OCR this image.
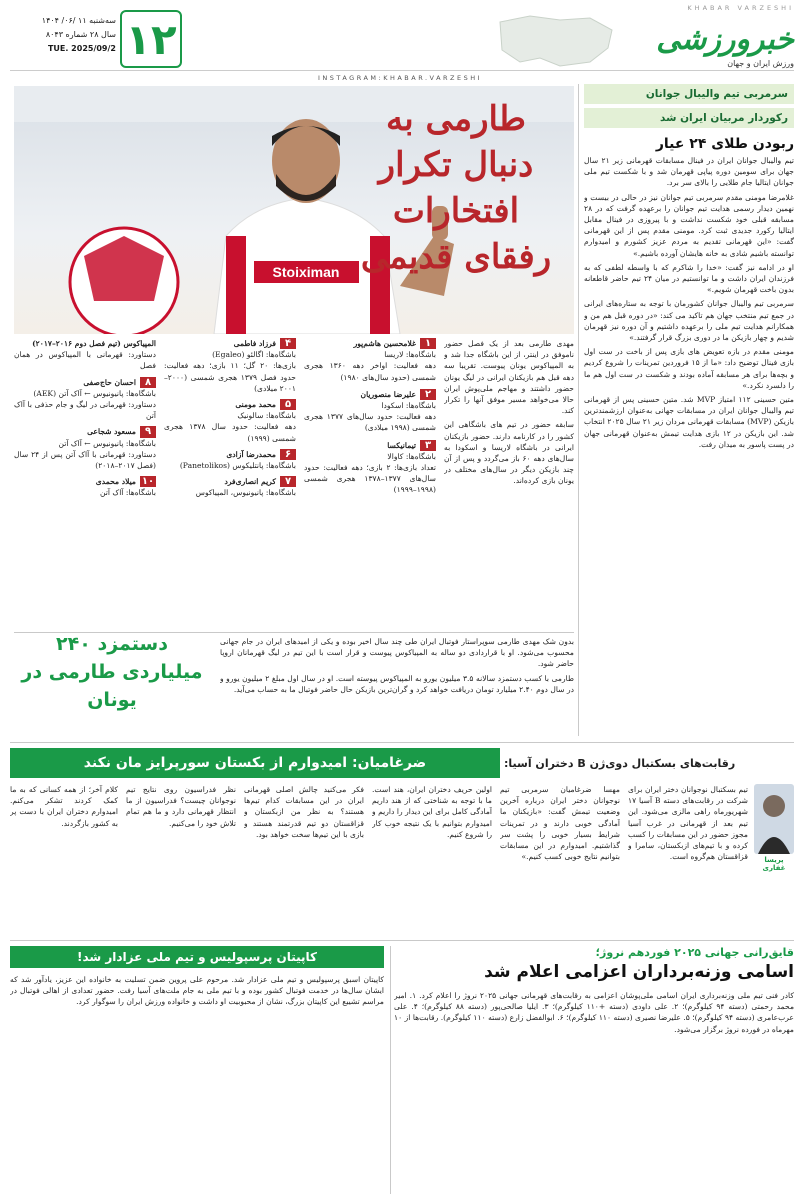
KHABAR VARZESHI
خبرورزشی
ورزش ایران و جهان
۱۲
سه‌شنبه ۱۱ /۰۶/ ۱۴۰۴
سال ۲۸ شماره ۸۰۴۳
TUE. 2025/09/2
INSTAGRAM:KHABAR.VARZESHI
سرمربی تیم والیبال جوانان
رکوردار مربیان ایران شد
ربودن طلای ۲۴ عیار

تیم والیبال جوانان ایران در فینال مسابقات قهرمانی زیر ۲۱ سال جهان برای سومین دوره پیاپی قهرمان شد و با شکست تیم ملی جوانان ایتالیا جام طلایی را بالای سر برد.

غلامرضا مومنی مقدم سرمربی تیم جوانان نیز در حالی در بیست و نهمین دیدار رسمی هدایت تیم جوانان را برعهده گرفت که در ۲۸ مسابقه قبلی خود شکست نداشت و با پیروزی در فینال مقابل ایتالیا رکورد جدیدی ثبت کرد. مومنی مقدم پس از این قهرمانی گفت: «این قهرمانی تقدیم به مردم عزیز کشورم و امیدوارم توانسته باشیم شادی به خانه هایشان آورده باشیم.»

او در ادامه نیز گفت: «خدا را شاکرم که با واسطه لطفی که به فرزندان ایران داشت و ما توانستیم در میان ۲۴ تیم حاضر قاطعانه بدون باخت قهرمان شویم.»

سرمربی تیم والیبال جوانان کشورمان با توجه به ستاره‌های ایرانی در جمع تیم منتخب جهان هم تاکید می کند: «در دوره قبل هم من و همکارانم هدایت تیم ملی را برعهده داشتیم و آن دوره نیز قهرمان شدیم و چهار بازیکن ما در دوری بزرگ قرار گرفتند.»

مومنی مقدم در بازه تعویض های بازی پس از باخت در ست اول بازی فینال توضیح داد: «ما از ۱۵ فروردین تمرینات را شروع کردیم و بچه‌ها برای هر مسابقه آماده بودند و شکست در ست اول هم ما را دلسرد نکرد.»

متین حسینی ۱۱۲ امتیاز MVP شد. متین حسینی پس از قهرمانی تیم والیبال جوانان ایران در مسابقات جهانی به‌عنوان ارزشمندترین بازیکن (MVP) مسابقات قهرمانی مردان زیر ۲۱ سال ۲۰۲۵ انتخاب شد. این بازیکن در ۱۲ بازی هدایت تیمش به‌عنوان قهرمانی جهان در پست پاسور به میدان رفت.

Stoiximan
طارمی به دنبال تکرار افتخارات رفقای قدیمی

مهدی طارمی بعد از یک فصل حضور ناموفق در اینتر، از این باشگاه جدا شد و به المپیاکوس یونان پیوست. تقریبا سه دهه قبل هم بازیکنان ایرانی در لیگ یونان حضور داشتند و مهاجم ملی‌پوش ایران حالا می‌خواهد مسیر موفق آنها را تکرار کند.

سابقه حضور در تیم های باشگاهی این کشور را در کارنامه دارند. حضور بازیکنان ایرانی در باشگاه لاریسا و اسکودا به سال‌های دهه ۶۰ باز می‌گردد و پس از آن چند بازیکن دیگر در سال‌های مختلف در یونان بازی کرده‌اند.

۱
غلامحسین هاشم‌پور
باشگاه‌ها: لاریسا
دهه فعالیت: اواخر دهه ۱۳۶۰ هجری شمسی (حدود سال‌های ۱۹۸۰)
۲
علیرضا منصوریان
باشگاه‌ها: اسکودا
دهه فعالیت: حدود سال‌های ۱۳۷۷ هجری شمسی (۱۹۹۸ میلادی)
۳
تیمانیکسا
باشگاه‌ها: کاوالا
تعداد بازی‌ها: ۲ بازی؛ دهه فعالیت: حدود سال‌های ۱۳۷۷–۱۳۷۸ هجری شمسی (۱۹۹۸–۱۹۹۹)
۴
فرزاد فاطمی
باشگاه‌ها: اگالئو (Egaleo)
بازی‌ها: ۲۰ گل؛ ۱۱ بازی؛ دهه فعالیت: حدود فصل ۱۳۷۹ هجری شمسی (۲۰۰۰–۲۰۰۱ میلادی)
۵
محمد مومنی
باشگاه‌ها: سالونیک
دهه فعالیت: حدود سال ۱۳۷۸ هجری شمسی (۱۹۹۹)
۶
محمدرضا آزادی
باشگاه‌ها: پانتلیکوس (Panetolikos)
۷
کریم انصاری‌فرد
باشگاه‌ها: پانیونیوس، المپیاکوس
المپیاکوس (تیم فصل دوم ۲۰۱۶–۲۰۱۷)
دستاورد: قهرمانی با المپیاکوس در همان فصل
۸
احسان حاج‌صفی
باشگاه‌ها: پانیونیوس ← آاک آتن (AEK)
دستاورد: قهرمانی در لیگ و جام حذفی با آاک آتن
۹
مسعود شجاعی
باشگاه‌ها: پانیونیوس ← آاک آتن
دستاورد: قهرمانی با آاک آتن پس از ۲۴ سال (فصل ۲۰۱۷–۲۰۱۸)
۱۰
میلاد محمدی
باشگاه‌ها: آاک آتن

بدون شک مهدی طارمی سوپراستار فوتبال ایران طی چند سال اخیر بوده و یکی از امیدهای ایران در جام جهانی محسوب می‌شود. او با قراردادی دو ساله به المپیاکوس پیوست و قرار است با این تیم در لیگ قهرمانان اروپا حاضر شود.

طارمی با کسب دستمزد سالانه ۳.۵ میلیون یورو به المپیاکوس پیوسته است. او در سال اول مبلغ ۲ میلیون یورو و در سال دوم ۲.۴۰ میلیارد تومان دریافت خواهد کرد و گران‌ترین بازیکن حال حاضر فوتبال ما به حساب می‌آید.

دستمزد ۲۴۰ میلیاردی طارمی در یونان
ضرغامیان: امیدوارم از بکستان سورپرایز مان نکند	رقابت‌های بسکتبال دوی‌ژن B دختران آسیا:
پریسا غفاری

تیم بسکتبال نوجوانان دختر ایران برای شرکت در رقابت‌های دسته B آسیا ۱۷ شهریورماه راهی مالزی می‌شود. این تیم بعد از قهرمانی در غرب آسیا مجوز حضور در این مسابقات را کسب کرده و با تیم‌های ازبکستان، سامرا و قزاقستان هم‌گروه است.

مهسا ضرغامیان سرمربی تیم نوجوانان دختر ایران درباره آخرین وضعیت تیمش گفت: «بازیکنان ما آمادگی خوبی دارند و در تمرینات شرایط بسیار خوبی را پشت سر گذاشتیم. امیدوارم در این مسابقات بتوانیم نتایج خوبی کسب کنیم.»

اولین حریف دختران ایران، هند است. ما با توجه به شناختی که از هند داریم آمادگی کامل برای این دیدار را داریم و امیدوارم بتوانیم با یک نتیجه خوب کار را شروع کنیم.

فکر می‌کنید چالش اصلی قهرمانی ایران در این مسابقات کدام تیم‌ها هستند؟ به نظر من ازبکستان و قزاقستان دو تیم قدرتمند هستند و بازی با این تیم‌ها سخت خواهد بود.

نظر فدراسیون روی نتایج تیم نوجوانان چیست؟ فدراسیون از ما انتظار قهرمانی دارد و ما هم تمام تلاش خود را می‌کنیم.

کلام آخر؛ از همه کسانی که به ما کمک کردند تشکر می‌کنم. امیدوارم دختران ایران با دست پر به کشور بازگردند.

کاپیتان پرسپولیس و تیم ملی عزادار شد!

کاپیتان اسبق پرسپولیس و تیم ملی عزادار شد. مرحوم علی پروین ضمن تسلیت به خانواده این عزیز، یادآور شد که ایشان سال‌ها در خدمت فوتبال کشور بوده و با تیم ملی به جام ملت‌های آسیا رفت. حضور تعدادی از اهالی فوتبال در مراسم تشییع این کاپیتان بزرگ، نشان از محبوبیت او داشت و خانواده ورزش ایران را سوگوار کرد.

قایق‌رانی جهانی ۲۰۲۵ فوردهم نروژ؛
اسامی وزنه‌برداران اعزامی اعلام شد

کادر فنی تیم ملی وزنه‌برداری ایران اسامی ملی‌پوشان اعزامی به رقابت‌های قهرمانی جهانی ۲۰۲۵ نروژ را اعلام کرد. ۱. امیر محمد رحمتی (دسته ۹۴ کیلوگرم)؛ ۲. علی داودی (دسته +۱۱۰ کیلوگرم)؛ ۳. ایلیا صالحی‌پور (دسته ۸۸ کیلوگرم)؛ ۴. علی عرب‌عامری (دسته ۹۴ کیلوگرم)؛ ۵. علیرضا نصیری (دسته ۱۱۰ کیلوگرم)؛ ۶. ابوالفضل زارع (دسته ۱۱۰ کیلوگرم). رقابت‌ها از ۱۰ مهرماه در فورده نروژ برگزار می‌شود.
